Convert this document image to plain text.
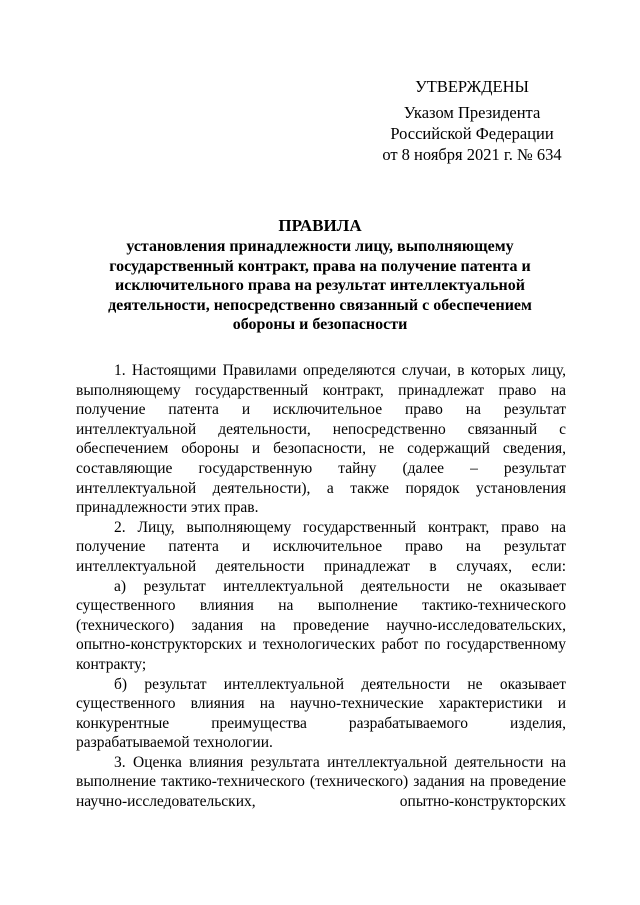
УТВЕРЖДЕНЫ
Указом Президента
Российской Федерации
от 8 ноября 2021 г. № 634
ПРАВИЛА
установления принадлежности лицу, выполняющему государственный контракт, права на получение патента и исключительного права на результат интеллектуальной деятельности, непосредственно связанный с обеспечением обороны и безопасности

1. Настоящими Правилами определяются случаи, в которых лицу, выполняющему государственный контракт, принадлежат право на получение патента и исключительное право на результат интеллектуальной деятельности, непосредственно связанный с обеспечением обороны и безопасности, не содержащий сведения, составляющие государственную тайну (далее – результат интеллектуальной деятельности), а также порядок установления принадлежности этих прав.

2. Лицу, выполняющему государственный контракт, право на получение патента и исключительное право на результат интеллектуальной деятельности принадлежат в случаях, если:

а) результат интеллектуальной деятельности не оказывает существенного влияния на выполнение тактико-технического (технического) задания на проведение научно-исследовательских, опытно-конструкторских и технологических работ по государственному контракту;

б) результат интеллектуальной деятельности не оказывает существенного влияния на научно-технические характеристики и конкурентные преимущества разрабатываемого изделия, разрабатываемой технологии.

3. Оценка влияния результата интеллектуальной деятельности на выполнение тактико-технического (технического) задания на проведение научно-исследовательских, опытно-конструкторских
